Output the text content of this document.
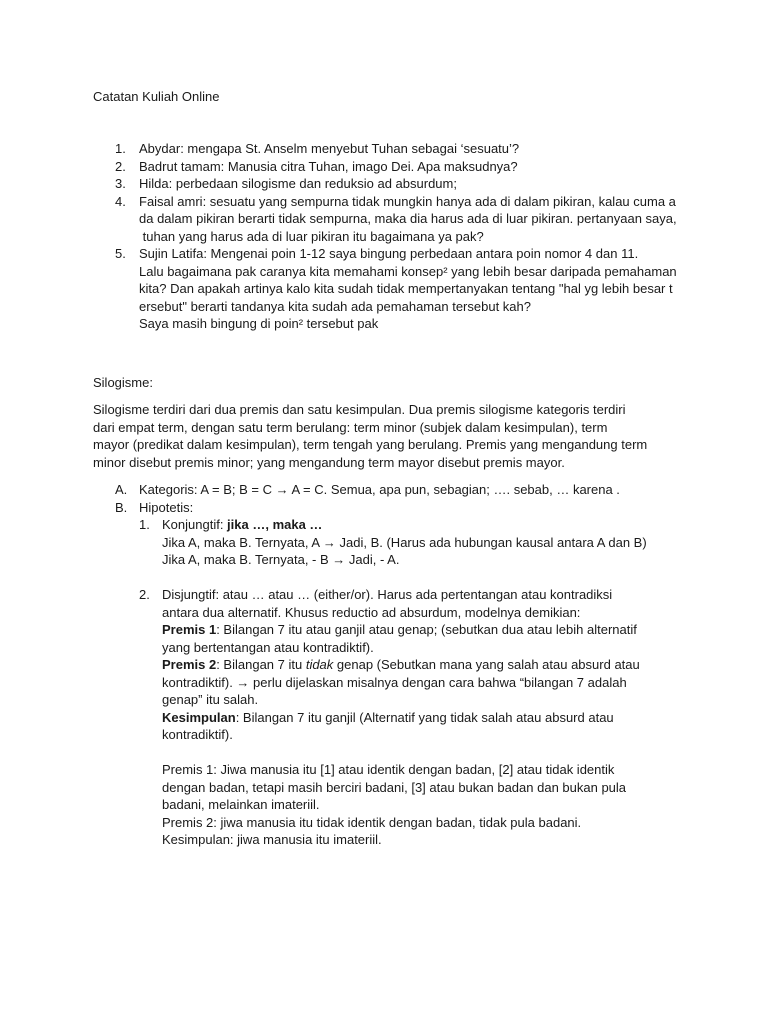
Catatan Kuliah Online

1. Abydar: mengapa St. Anselm menyebut Tuhan sebagai ‘sesuatu’?
2. Badrut tamam: Manusia citra Tuhan, imago Dei. Apa maksudnya?
3. Hilda: perbedaan silogisme dan reduksio ad absurdum;
4. Faisal amri: sesuatu yang sempurna tidak mungkin hanya ada di dalam pikiran, kalau cuma a
da dalam pikiran berarti tidak sempurna, maka dia harus ada di luar pikiran. pertanyaan saya,
tuhan yang harus ada di luar pikiran itu bagaimana ya pak?
5. Sujin Latifa: Mengenai poin 1-12 saya bingung perbedaan antara poin nomor 4 dan 11.
Lalu bagaimana pak caranya kita memahami konsep² yang lebih besar daripada pemahaman
kita? Dan apakah artinya kalo kita sudah tidak mempertanyakan tentang "hal yg lebih besar t
ersebut" berarti tandanya kita sudah ada pemahaman tersebut kah?
Saya masih bingung di poin² tersebut pak

Silogisme:

Silogisme terdiri dari dua premis dan satu kesimpulan. Dua premis silogisme kategoris terdiri
dari empat term, dengan satu term berulang: term minor (subjek dalam kesimpulan), term
mayor (predikat dalam kesimpulan), term tengah yang berulang. Premis yang mengandung term
minor disebut premis minor; yang mengandung term mayor disebut premis mayor.
A. Kategoris: A = B; B = C → A = C. Semua, apa pun, sebagian; …. sebab, … karena .
B. Hipotetis:
1. Konjungtif: jika …, maka …
Jika A, maka B. Ternyata, A → Jadi, B. (Harus ada hubungan kausal antara A dan B)
Jika A, maka B. Ternyata, - B → Jadi, - A.
2. Disjungtif: atau … atau … (either/or). Harus ada pertentangan atau kontradiksi
antara dua alternatif. Khusus reductio ad absurdum, modelnya demikian:
Premis 1: Bilangan 7 itu atau ganjil atau genap; (sebutkan dua atau lebih alternatif
yang bertentangan atau kontradiktif).
Premis 2: Bilangan 7 itu tidak genap (Sebutkan mana yang salah atau absurd atau
kontradiktif). → perlu dijelaskan misalnya dengan cara bahwa “bilangan 7 adalah
genap” itu salah.
Kesimpulan: Bilangan 7 itu ganjil (Alternatif yang tidak salah atau absurd atau
kontradiktif).
Premis 1: Jiwa manusia itu [1] atau identik dengan badan, [2] atau tidak identik
dengan badan, tetapi masih berciri badani, [3] atau bukan badan dan bukan pula
badani, melainkan imateriil.
Premis 2: jiwa manusia itu tidak identik dengan badan, tidak pula badani.
Kesimpulan: jiwa manusia itu imateriil.
